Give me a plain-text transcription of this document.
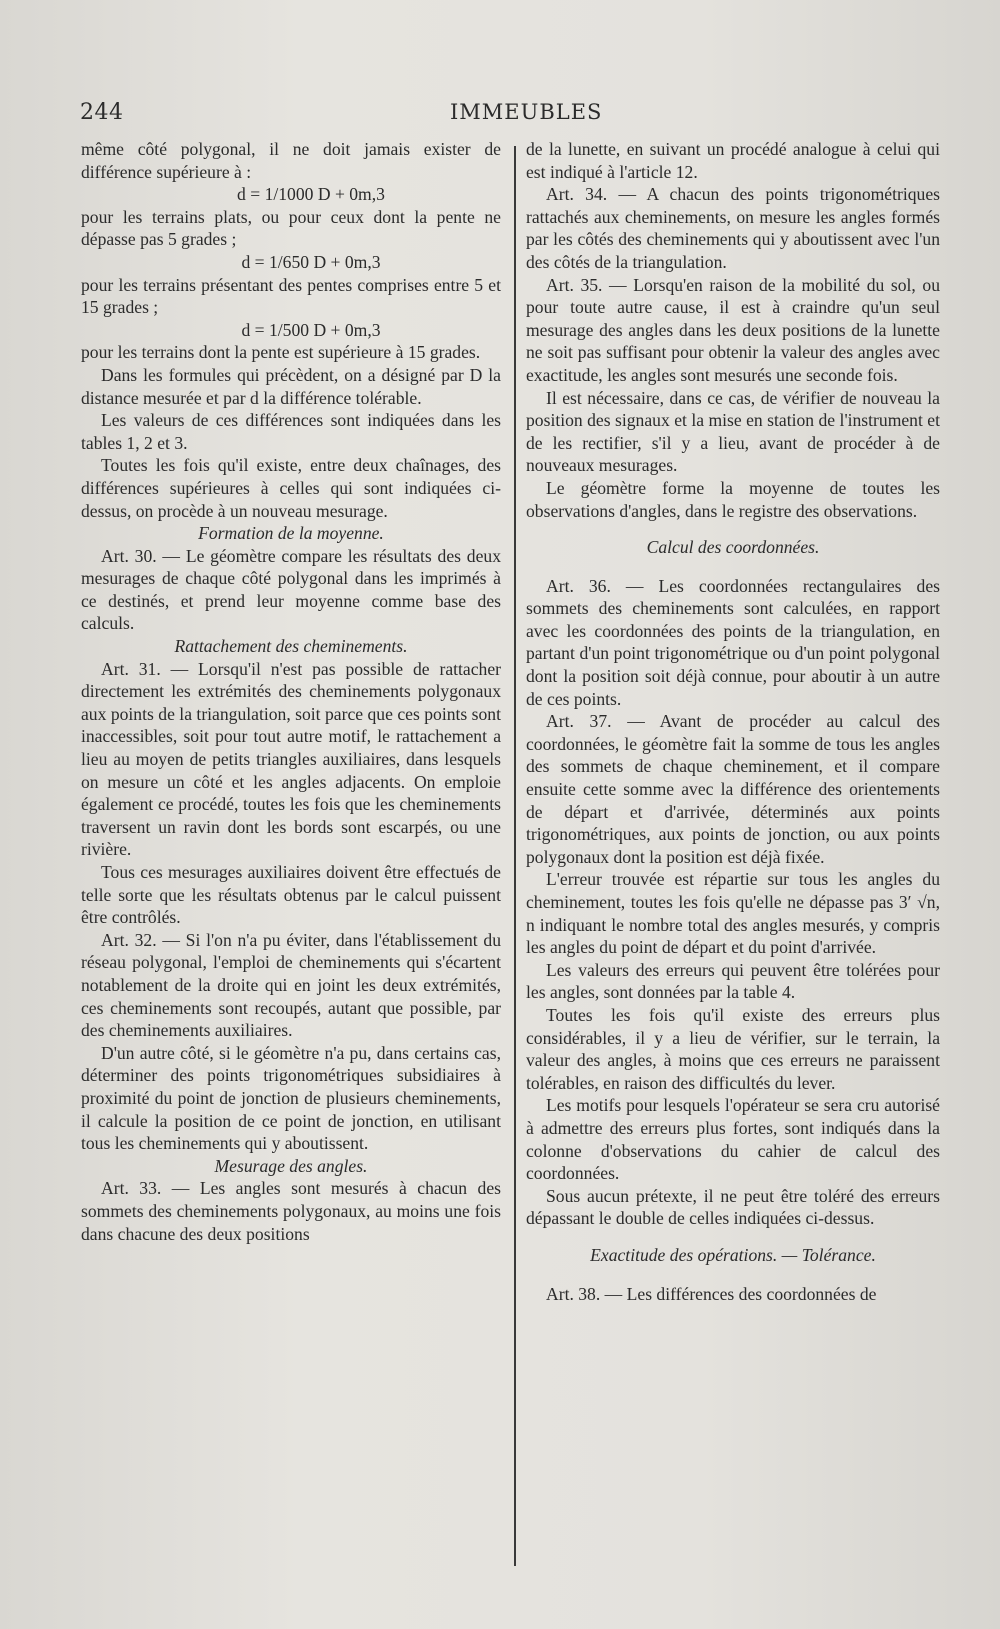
244	IMMEUBLES

même côté polygonal, il ne doit jamais exister de différence supérieure à :

d = 1/1000 D + 0m,3

pour les terrains plats, ou pour ceux dont la pente ne dépasse pas 5 grades ;

d = 1/650 D + 0m,3

pour les terrains présentant des pentes comprises entre 5 et 15 grades ;

d = 1/500 D + 0m,3

pour les terrains dont la pente est supérieure à 15 grades.

Dans les formules qui précèdent, on a désigné par D la distance mesurée et par d la différence tolérable.

Les valeurs de ces différences sont indiquées dans les tables 1, 2 et 3.

Toutes les fois qu'il existe, entre deux chaînages, des différences supérieures à celles qui sont indiquées ci-dessus, on procède à un nouveau mesurage.

Formation de la moyenne.

Art. 30. — Le géomètre compare les résultats des deux mesurages de chaque côté polygonal dans les imprimés à ce destinés, et prend leur moyenne comme base des calculs.

Rattachement des cheminements.

Art. 31. — Lorsqu'il n'est pas possible de rattacher directement les extrémités des cheminements polygonaux aux points de la triangulation, soit parce que ces points sont inaccessibles, soit pour tout autre motif, le rattachement a lieu au moyen de petits triangles auxiliaires, dans lesquels on mesure un côté et les angles adjacents. On emploie également ce procédé, toutes les fois que les cheminements traversent un ravin dont les bords sont escarpés, ou une rivière.

Tous ces mesurages auxiliaires doivent être effectués de telle sorte que les résultats obtenus par le calcul puissent être contrôlés.

Art. 32. — Si l'on n'a pu éviter, dans l'établissement du réseau polygonal, l'emploi de cheminements qui s'écartent notablement de la droite qui en joint les deux extrémités, ces cheminements sont recoupés, autant que possible, par des cheminements auxiliaires.

D'un autre côté, si le géomètre n'a pu, dans certains cas, déterminer des points trigonométriques subsidiaires à proximité du point de jonction de plusieurs cheminements, il calcule la position de ce point de jonction, en utilisant tous les cheminements qui y aboutissent.

Mesurage des angles.

Art. 33. — Les angles sont mesurés à chacun des sommets des cheminements polygonaux, au moins une fois dans chacune des deux positions

de la lunette, en suivant un procédé analogue à celui qui est indiqué à l'article 12.

Art. 34. — A chacun des points trigonométriques rattachés aux cheminements, on mesure les angles formés par les côtés des cheminements qui y aboutissent avec l'un des côtés de la triangulation.

Art. 35. — Lorsqu'en raison de la mobilité du sol, ou pour toute autre cause, il est à craindre qu'un seul mesurage des angles dans les deux positions de la lunette ne soit pas suffisant pour obtenir la valeur des angles avec exactitude, les angles sont mesurés une seconde fois.

Il est nécessaire, dans ce cas, de vérifier de nouveau la position des signaux et la mise en station de l'instrument et de les rectifier, s'il y a lieu, avant de procéder à de nouveaux mesurages.

Le géomètre forme la moyenne de toutes les observations d'angles, dans le registre des observations.

Calcul des coordonnées.

Art. 36. — Les coordonnées rectangulaires des sommets des cheminements sont calculées, en rapport avec les coordonnées des points de la triangulation, en partant d'un point trigonométrique ou d'un point polygonal dont la position soit déjà connue, pour aboutir à un autre de ces points.

Art. 37. — Avant de procéder au calcul des coordonnées, le géomètre fait la somme de tous les angles des sommets de chaque cheminement, et il compare ensuite cette somme avec la différence des orientements de départ et d'arrivée, déterminés aux points trigonométriques, aux points de jonction, ou aux points polygonaux dont la position est déjà fixée.

L'erreur trouvée est répartie sur tous les angles du cheminement, toutes les fois qu'elle ne dépasse pas 3′ √n, n indiquant le nombre total des angles mesurés, y compris les angles du point de départ et du point d'arrivée.

Les valeurs des erreurs qui peuvent être tolérées pour les angles, sont données par la table 4.

Toutes les fois qu'il existe des erreurs plus considérables, il y a lieu de vérifier, sur le terrain, la valeur des angles, à moins que ces erreurs ne paraissent tolérables, en raison des difficultés du lever.

Les motifs pour lesquels l'opérateur se sera cru autorisé à admettre des erreurs plus fortes, sont indiqués dans la colonne d'observations du cahier de calcul des coordonnées.

Sous aucun prétexte, il ne peut être toléré des erreurs dépassant le double de celles indiquées ci-dessus.

Exactitude des opérations. — Tolérance.

Art. 38. — Les différences des coordonnées de
